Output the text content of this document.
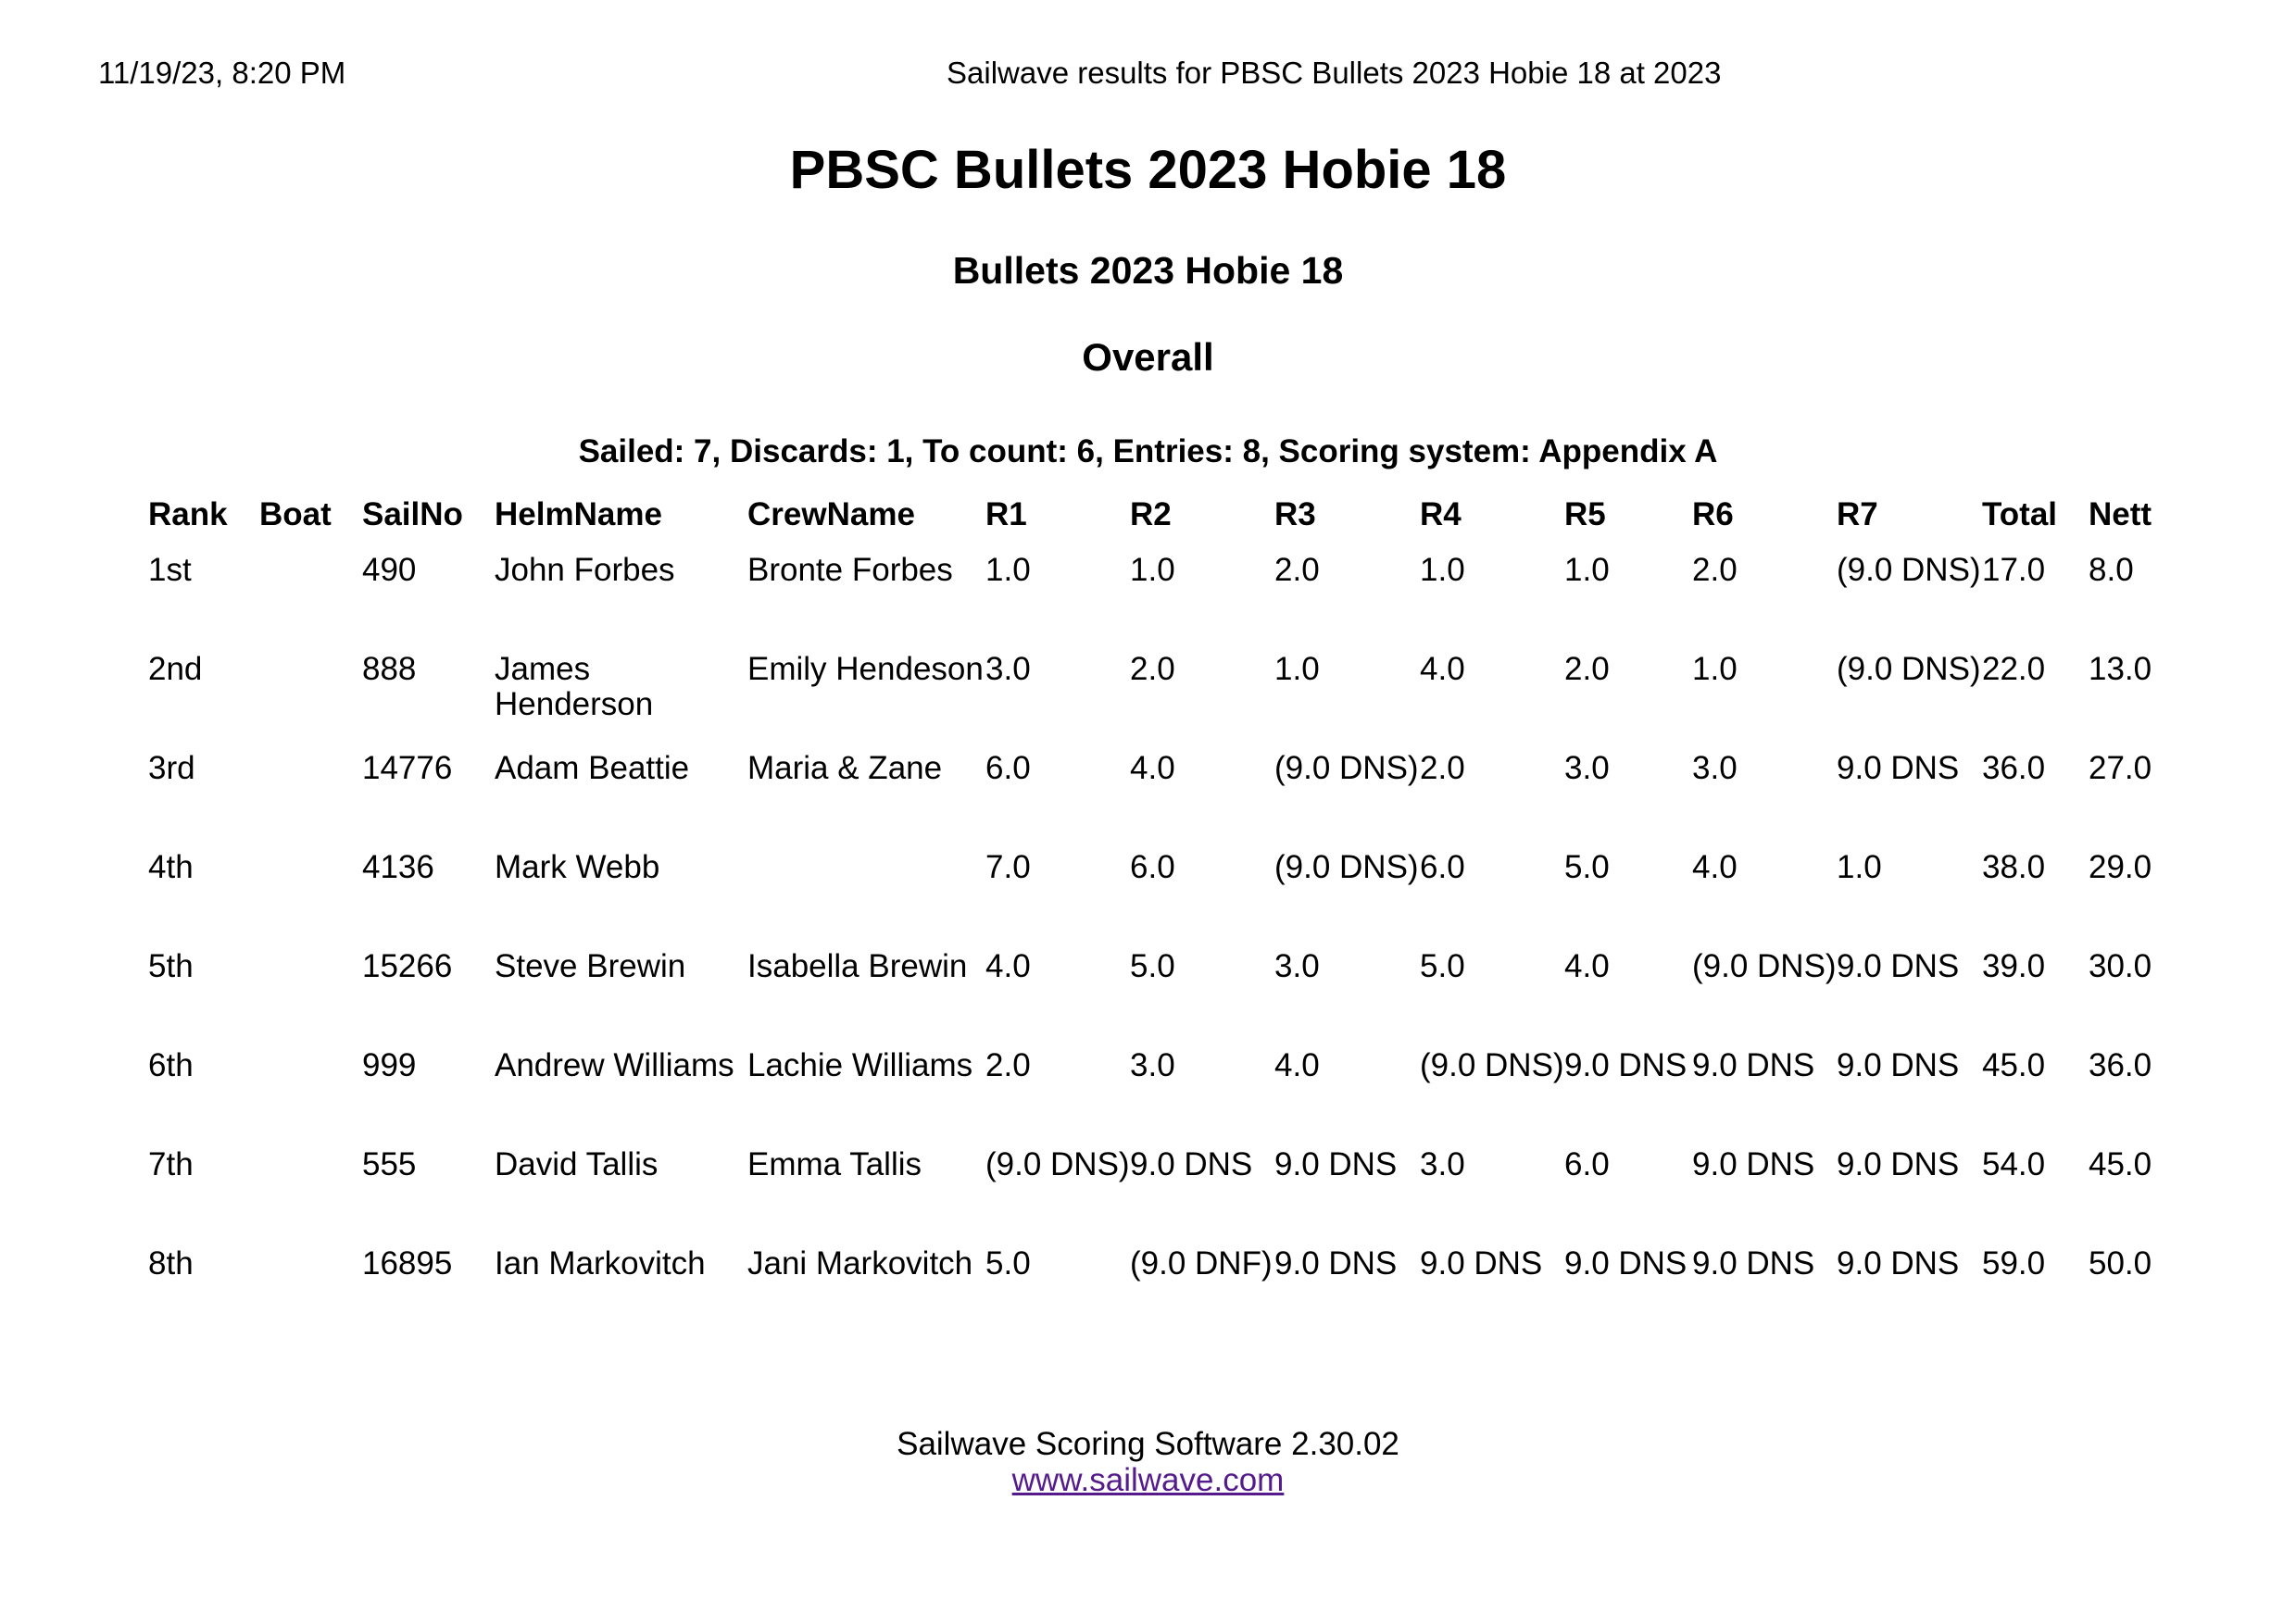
11/19/23, 8:20 PM	Sailwave results for PBSC Bullets 2023 Hobie 18 at 2023
PBSC Bullets 2023 Hobie 18
Bullets 2023 Hobie 18
Overall
Sailed: 7, Discards: 1, To count: 6, Entries: 8, Scoring system: Appendix A
Rank	Boat	SailNo	HelmName	CrewName	R1	R2	R3	R4	R5	R6	R7	Total	Nett
1st		490	John Forbes	Bronte Forbes	1.0	1.0	2.0	1.0	1.0	2.0	(9.0 DNS)	17.0	8.0
2nd		888	James Henderson	Emily Hendeson	3.0	2.0	1.0	4.0	2.0	1.0	(9.0 DNS)	22.0	13.0
3rd		14776	Adam Beattie	Maria & Zane	6.0	4.0	(9.0 DNS)	2.0	3.0	3.0	9.0 DNS	36.0	27.0
4th		4136	Mark Webb		7.0	6.0	(9.0 DNS)	6.0	5.0	4.0	1.0	38.0	29.0
5th		15266	Steve Brewin	Isabella Brewin	4.0	5.0	3.0	5.0	4.0	(9.0 DNS)	9.0 DNS	39.0	30.0
6th		999	Andrew Williams	Lachie Williams	2.0	3.0	4.0	(9.0 DNS)	9.0 DNS	9.0 DNS	9.0 DNS	45.0	36.0
7th		555	David Tallis	Emma Tallis	(9.0 DNS)	9.0 DNS	9.0 DNS	3.0	6.0	9.0 DNS	9.0 DNS	54.0	45.0
8th		16895	Ian Markovitch	Jani Markovitch	5.0	(9.0 DNF)	9.0 DNS	9.0 DNS	9.0 DNS	9.0 DNS	9.0 DNS	59.0	50.0
Sailwave Scoring Software 2.30.02
www.sailwave.com
